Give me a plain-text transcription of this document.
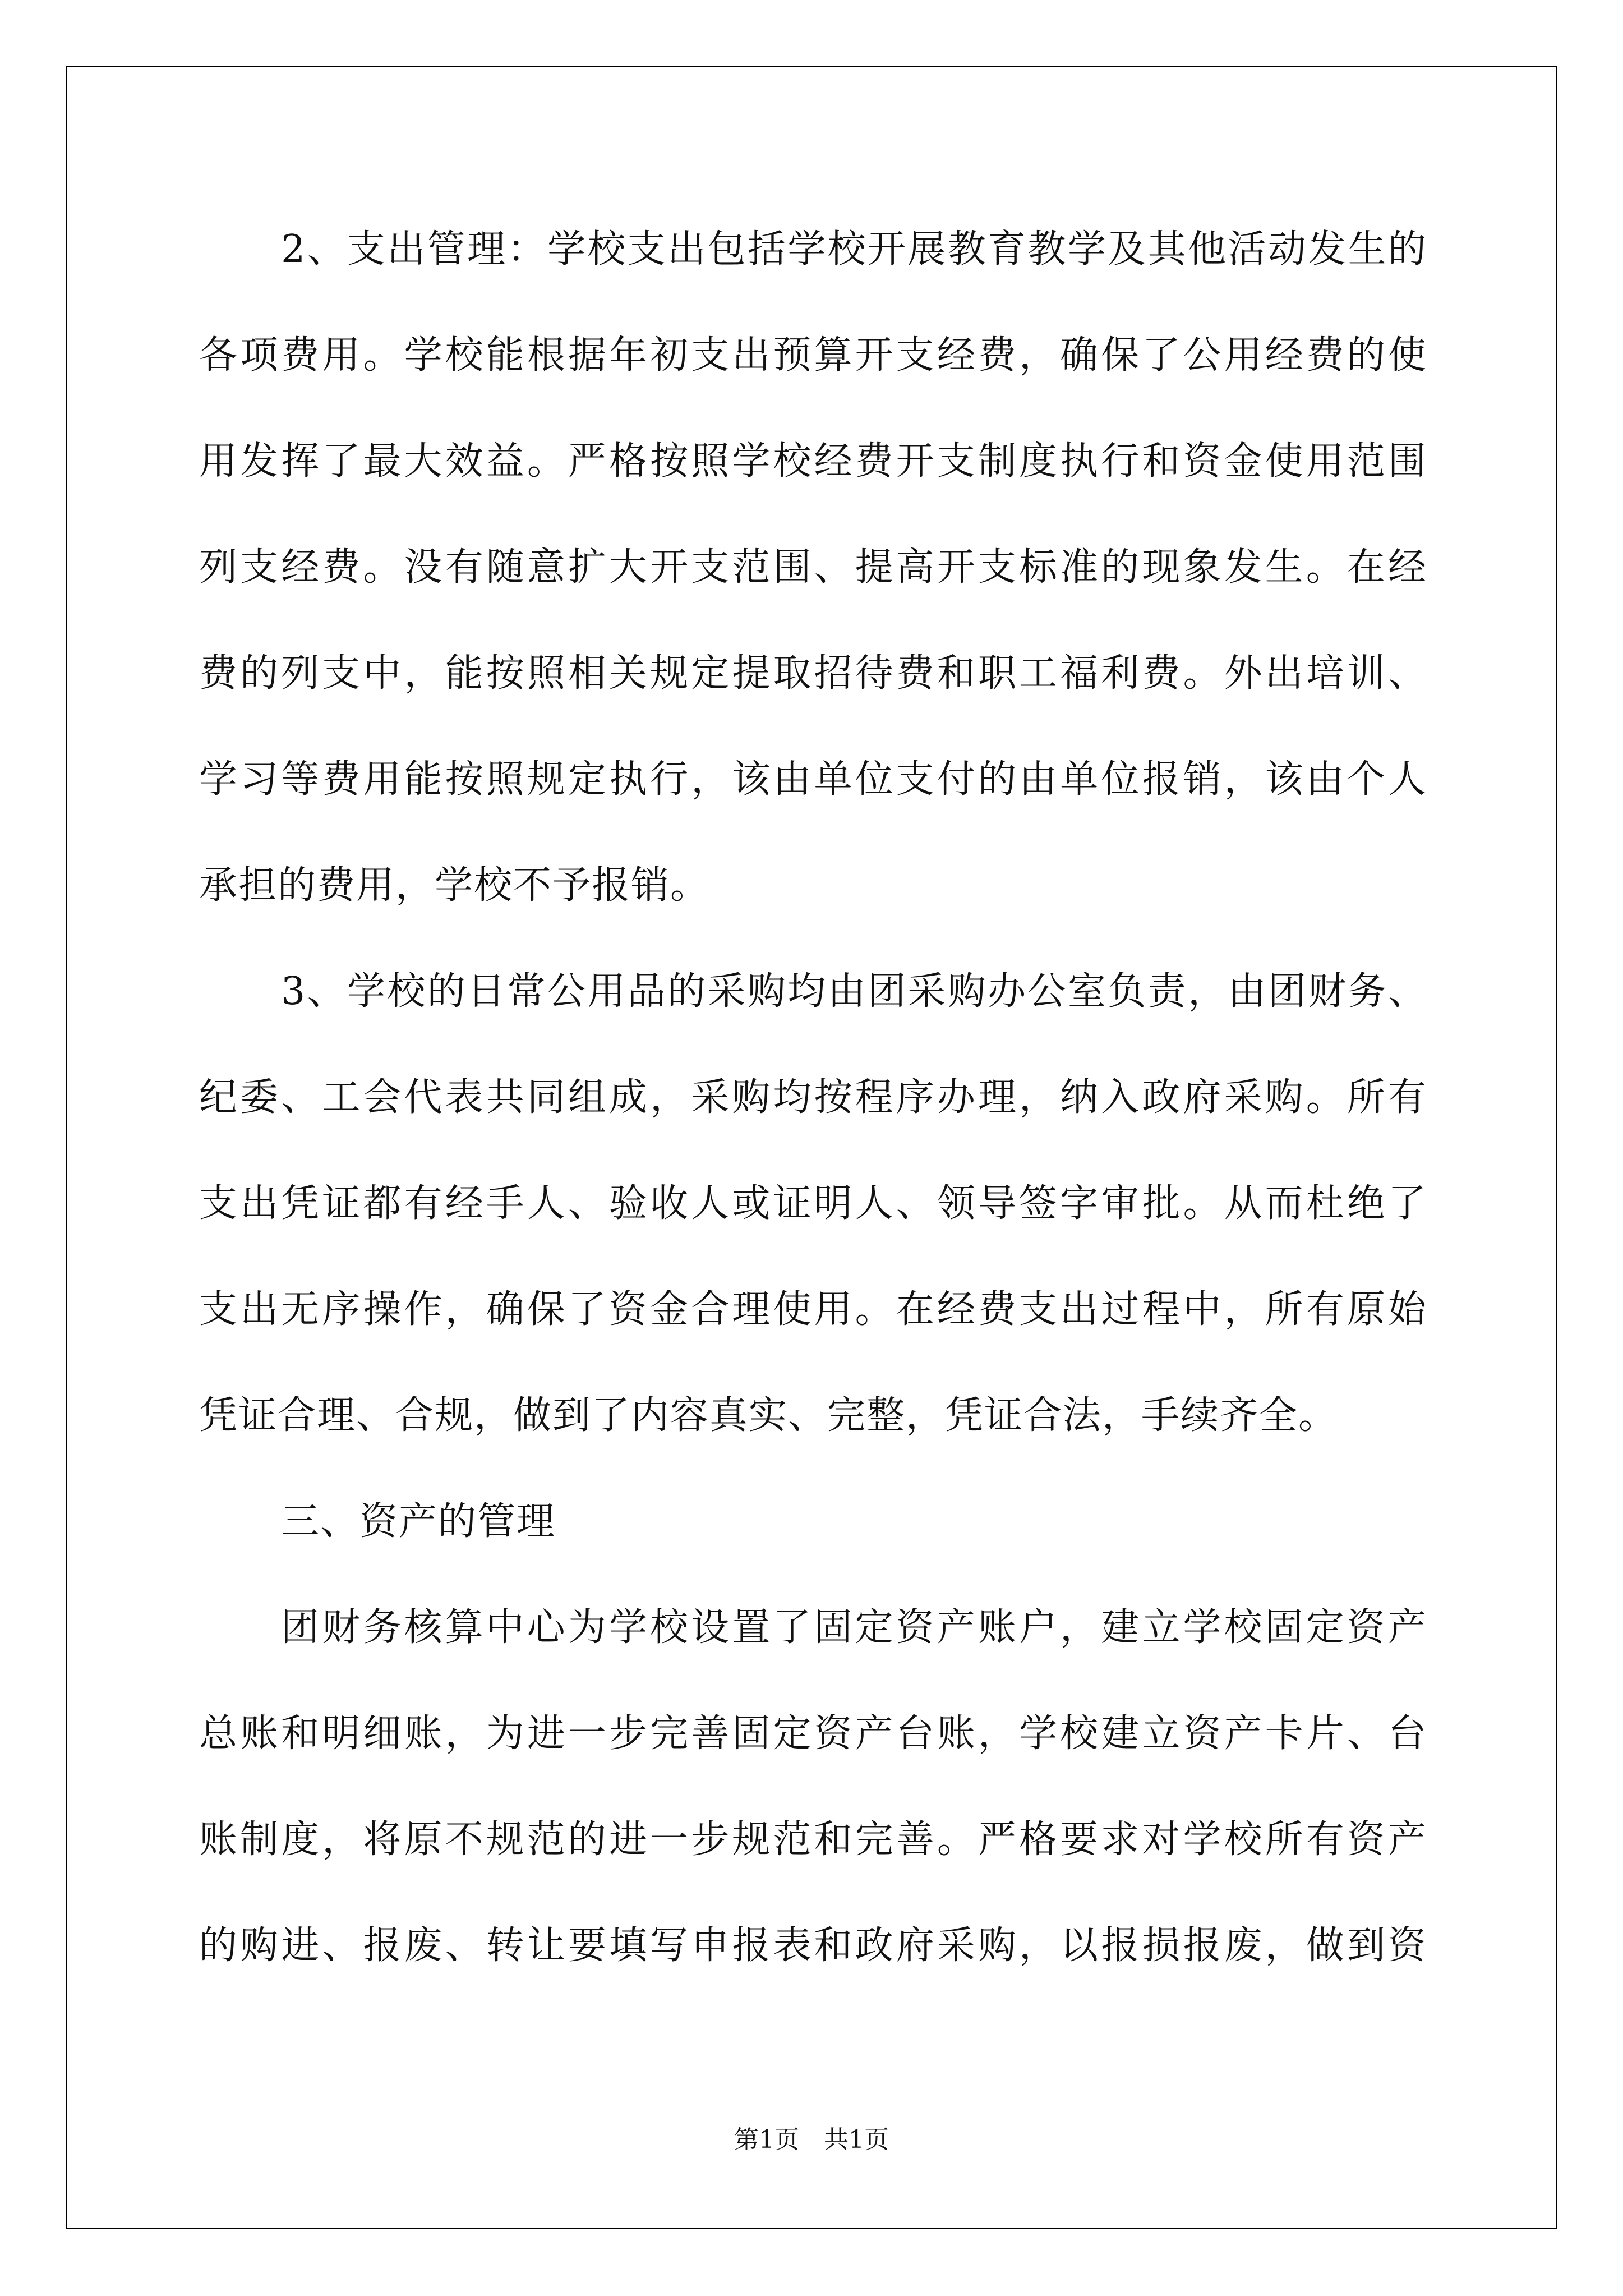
2、支出管理：学校支出包括学校开展教育教学及其他活动发生的
各项费用。学校能根据年初支出预算开支经费，确保了公用经费的使
用发挥了最大效益。严格按照学校经费开支制度执行和资金使用范围
列支经费。没有随意扩大开支范围、提高开支标准的现象发生。在经
费的列支中，能按照相关规定提取招待费和职工福利费。外出培训、
学习等费用能按照规定执行，该由单位支付的由单位报销，该由个人
承担的费用，学校不予报销。
3、学校的日常公用品的采购均由团采购办公室负责，由团财务、
纪委、工会代表共同组成，采购均按程序办理，纳入政府采购。所有
支出凭证都有经手人、验收人或证明人、领导签字审批。从而杜绝了
支出无序操作，确保了资金合理使用。在经费支出过程中，所有原始
凭证合理、合规，做到了内容真实、完整，凭证合法，手续齐全。
三、资产的管理
团财务核算中心为学校设置了固定资产账户，建立学校固定资产
总账和明细账，为进一步完善固定资产台账，学校建立资产卡片、台
账制度，将原不规范的进一步规范和完善。严格要求对学校所有资产
的购进、报废、转让要填写申报表和政府采购，以报损报废，做到资
第1页　共1页
